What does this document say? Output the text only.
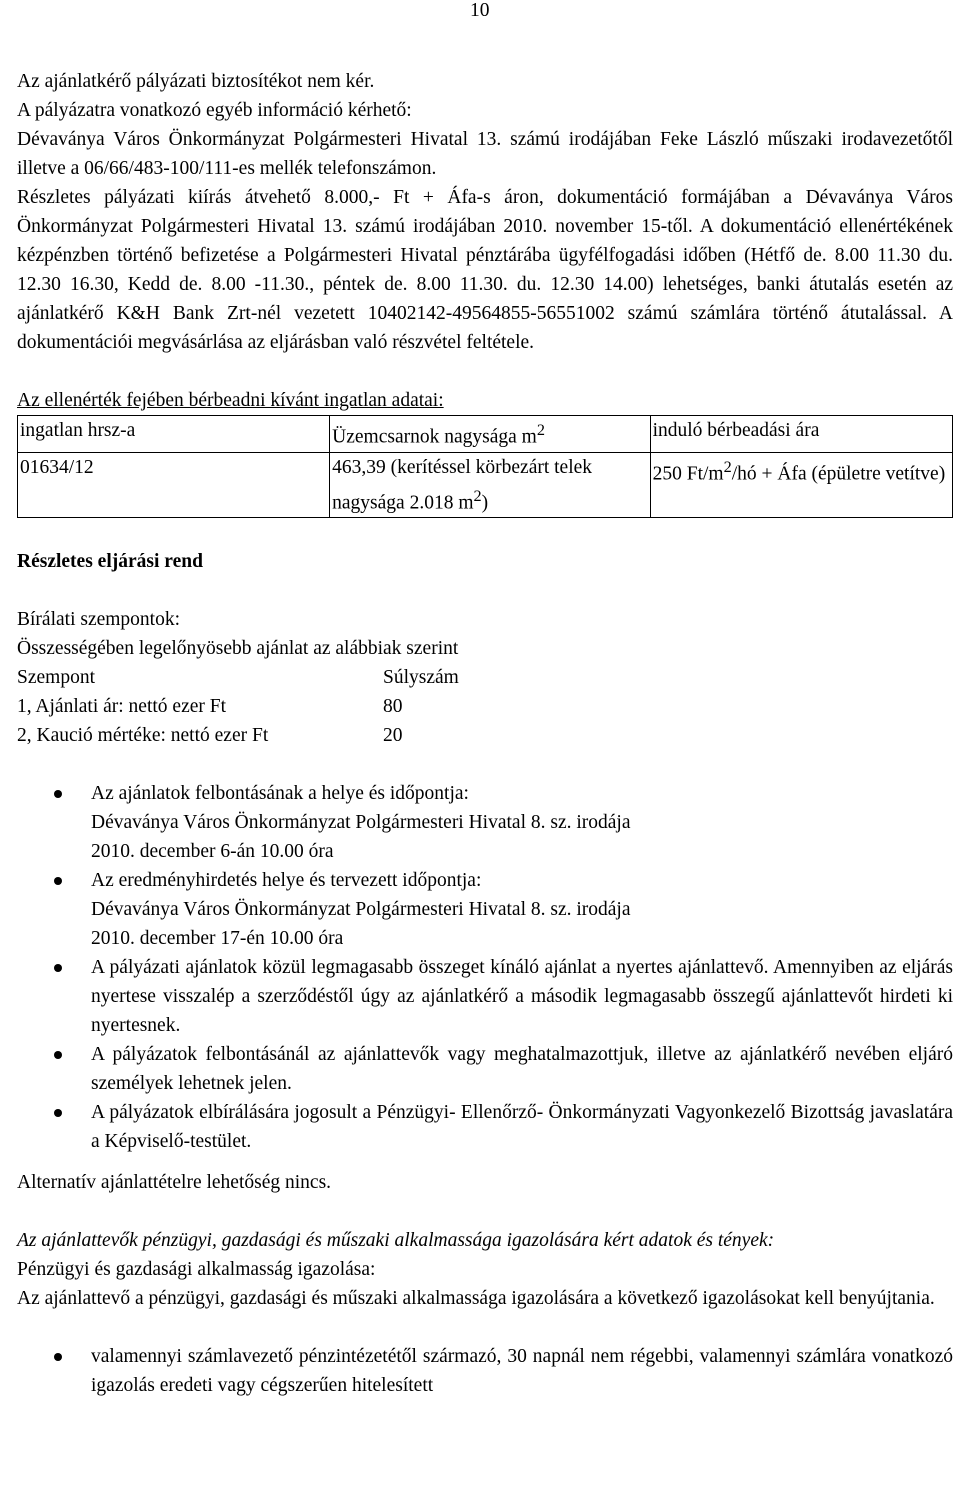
10

Az ajánlatkérő pályázati biztosítékot nem kér.

A pályázatra vonatkozó egyéb információ kérhető:

Dévaványa Város Önkormányzat Polgármesteri Hivatal 13. számú irodájában Feke László műszaki irodavezetőtől illetve a 06/66/483-100/111-es mellék telefonszámon.

Részletes pályázati kiírás átvehető 8.000,- Ft + Áfa-s áron, dokumentáció formájában a Dévaványa Város Önkormányzat Polgármesteri Hivatal 13. számú irodájában 2010. november 15-től. A dokumentáció ellenértékének kézpénzben történő befizetése a Polgármesteri Hivatal pénztárába ügyfélfogadási időben (Hétfő de. 8.00 11.30 du. 12.30 16.30, Kedd de. 8.00 -11.30., péntek de. 8.00 11.30. du. 12.30 14.00) lehetséges, banki átutalás esetén az ajánlatkérő K&H Bank Zrt-nél vezetett 10402142-49564855-56551002 számú számlára történő átutalással. A dokumentációi megvásárlása az eljárásban való részvétel feltétele.

Az ellenérték fejében bérbeadni kívánt ingatlan adatai:

ingatlan hrsz-a	Üzemcsarnok nagysága $m^2$	induló bérbeadási ára
01634/12	463,39 (kerítéssel körbezárt telek nagysága 2.018 $m^2$)	250 $Ft/m^2/hó$ + Áfa (épületre vetítve)

Részletes eljárási rend

Bírálati szempontok:

Összességében legelőnyösebb ajánlat az alábbiak szerint

Szempont	Súlyszám
1, Ajánlati ár: nettó ezer Ft	80
2, Kaució mértéke: nettó ezer Ft	20
Az ajánlatok felbontásának a helye és időpontja:
Dévaványa Város Önkormányzat Polgármesteri Hivatal 8. sz. irodája
2010. december 6-án 10.00 óra
Az eredményhirdetés helye és tervezett időpontja:
Dévaványa Város Önkormányzat Polgármesteri Hivatal 8. sz. irodája
2010. december 17-én 10.00 óra
A pályázati ajánlatok közül legmagasabb összeget kínáló ajánlat a nyertes ajánlattevő. Amennyiben az eljárás nyertese visszalép a szerződéstől úgy az ajánlatkérő a második legmagasabb összegű ajánlattevőt hirdeti ki nyertesnek.
A pályázatok felbontásánál az ajánlattevők vagy meghatalmazottjuk, illetve az ajánlatkérő nevében eljáró személyek lehetnek jelen.
A pályázatok elbírálására jogosult a Pénzügyi- Ellenőrző- Önkormányzati Vagyonkezelő Bizottság javaslatára a Képviselő-testület.

Alternatív ajánlattételre lehetőség nincs.

Az ajánlattevők pénzügyi, gazdasági és műszaki alkalmassága igazolására kért adatok és tények:

Pénzügyi és gazdasági alkalmasság igazolása:

Az ajánlattevő a pénzügyi, gazdasági és műszaki alkalmassága igazolására a következő igazolásokat kell benyújtania.

valamennyi számlavezető pénzintézetétől származó, 30 napnál nem régebbi, valamennyi számlára vonatkozó igazolás eredeti vagy cégszerűen hitelesített
